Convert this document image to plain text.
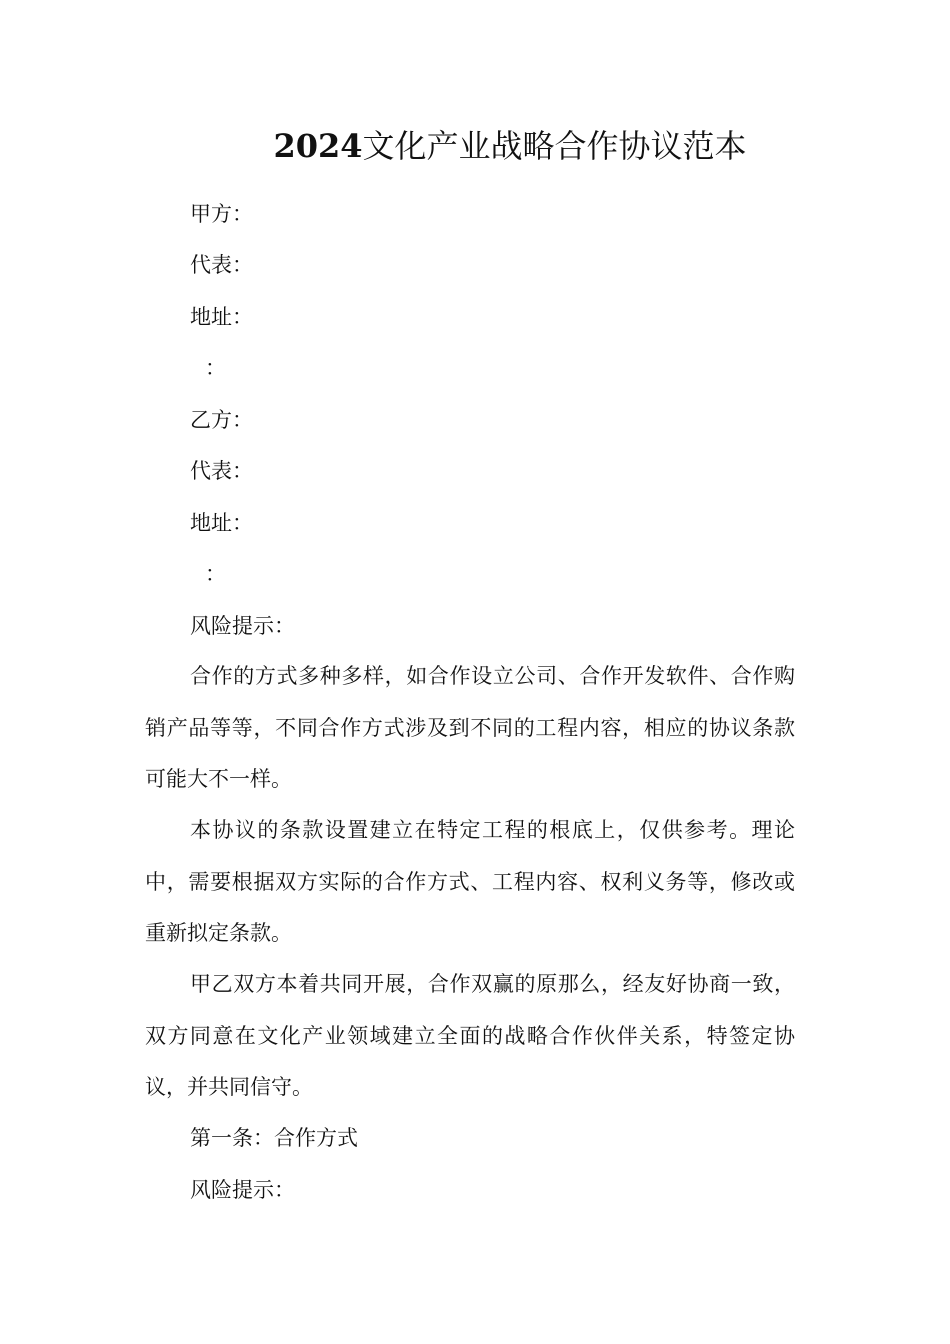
2024文化产业战略合作协议范本

甲方：

代表：

地址：

：

乙方：

代表：

地址：

：

风险提示：

合作的方式多种多样，如合作设立公司、合作开发软件、合作购销产品等等，不同合作方式涉及到不同的工程内容，相应的协议条款可能大不一样。

本协议的条款设置建立在特定工程的根底上，仅供参考。理论中，需要根据双方实际的合作方式、工程内容、权利义务等，修改或重新拟定条款。

甲乙双方本着共同开展，合作双赢的原那么，经友好协商一致，双方同意在文化产业领域建立全面的战略合作伙伴关系，特签定协议，并共同信守。

第一条：合作方式

风险提示：
